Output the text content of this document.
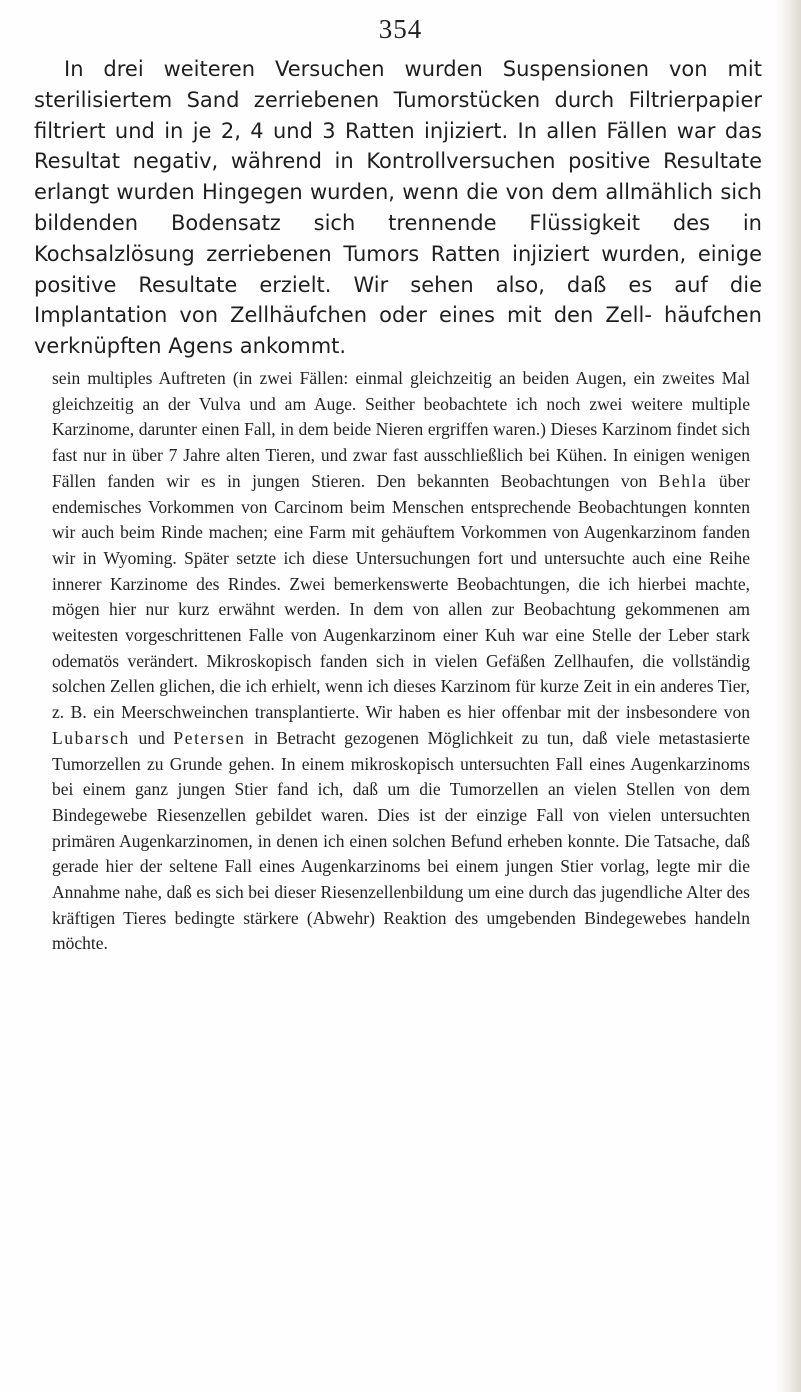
354

In drei weiteren Versuchen wurden Suspensionen von mit sterilisiertem Sand zerriebenen Tumorstücken durch Filtrierpapier filtriert und in je 2, 4 und 3 Ratten injiziert. In allen Fällen war das Resultat negativ, während in Kontrollversuchen positive Resultate erlangt wurden Hingegen wurden, wenn die von dem allmählich sich bildenden Bodensatz sich trennende Flüssigkeit des in Kochsalzlösung zerriebenen Tumors Ratten injiziert wurden, einige positive Resultate erzielt. Wir sehen also, daß es auf die Implantation von Zellhäufchen oder eines mit den Zell- häufchen verknüpften Agens ankommt.

sein multiples Auftreten (in zwei Fällen: einmal gleichzeitig an beiden Augen, ein zweites Mal gleichzeitig an der Vulva und am Auge. Seither beobachtete ich noch zwei weitere multiple Karzinome, darunter einen Fall, in dem beide Nieren ergriffen waren.) Dieses Karzinom findet sich fast nur in über 7 Jahre alten Tieren, und zwar fast ausschließlich bei Kühen. In einigen wenigen Fällen fanden wir es in jungen Stieren. Den bekannten Beobachtungen von Behla über endemisches Vorkommen von Carcinom beim Menschen entsprechende Beobachtungen konnten wir auch beim Rinde machen; eine Farm mit gehäuftem Vorkommen von Augenkarzinom fanden wir in Wyoming. Später setzte ich diese Untersuchungen fort und untersuchte auch eine Reihe innerer Karzinome des Rindes. Zwei bemerkenswerte Beobachtungen, die ich hierbei machte, mögen hier nur kurz erwähnt werden. In dem von allen zur Beobachtung gekommenen am weitesten vorgeschrittenen Falle von Augenkarzinom einer Kuh war eine Stelle der Leber stark odematös verändert. Mikroskopisch fanden sich in vielen Gefäßen Zellhaufen, die vollständig solchen Zellen glichen, die ich erhielt, wenn ich dieses Karzinom für kurze Zeit in ein anderes Tier, z. B. ein Meerschweinchen transplantierte. Wir haben es hier offenbar mit der insbesondere von Lubarsch und Petersen in Betracht gezogenen Möglichkeit zu tun, daß viele metastasierte Tumorzellen zu Grunde gehen. In einem mikroskopisch untersuchten Fall eines Augenkarzinoms bei einem ganz jungen Stier fand ich, daß um die Tumorzellen an vielen Stellen von dem Bindegewebe Riesenzellen gebildet waren. Dies ist der einzige Fall von vielen untersuchten primären Augenkarzinomen, in denen ich einen solchen Befund erheben konnte. Die Tatsache, daß gerade hier der seltene Fall eines Augenkarzinoms bei einem jungen Stier vorlag, legte mir die Annahme nahe, daß es sich bei dieser Riesenzellenbildung um eine durch das jugendliche Alter des kräftigen Tieres bedingte stärkere (Abwehr) Reaktion des umgebenden Bindegewebes handeln möchte.
